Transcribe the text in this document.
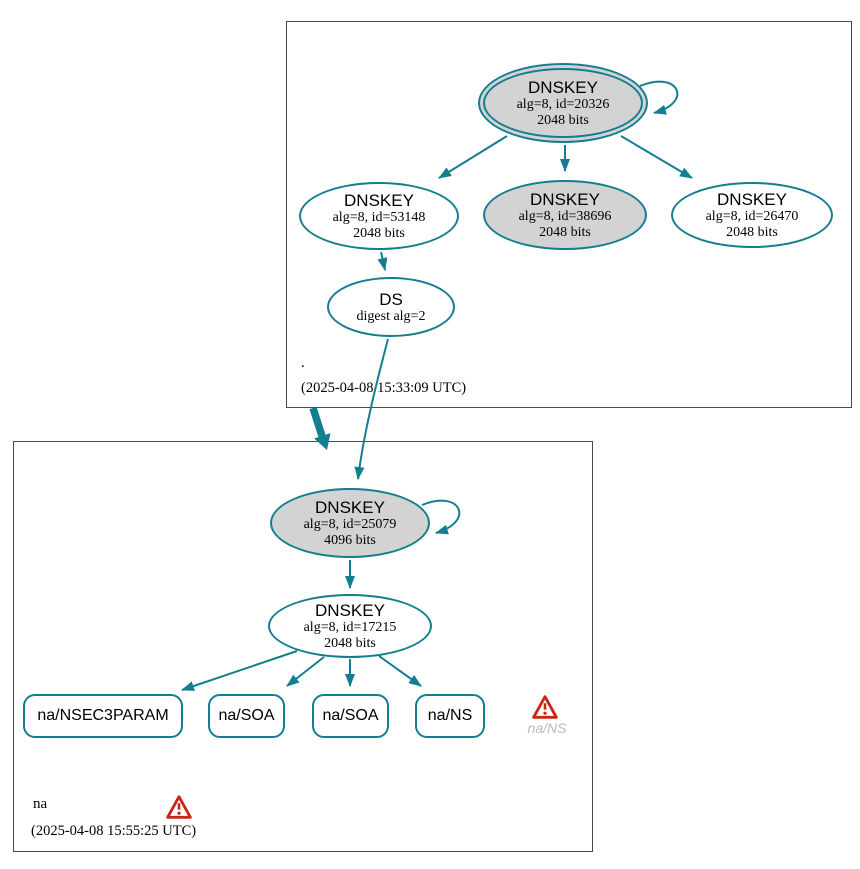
DNSKEY
alg=8, id=20326
2048 bits
DNSKEY
alg=8, id=53148
2048 bits
DNSKEY
alg=8, id=38696
2048 bits
DNSKEY
alg=8, id=26470
2048 bits
DS
digest alg=2
.
(2025-04-08 15:33:09 UTC)
DNSKEY
alg=8, id=25079
4096 bits
DNSKEY
alg=8, id=17215
2048 bits
na/NSEC3PARAM	na/SOA	na/SOA	na/NS
na/NS
na
(2025-04-08 15:55:25 UTC)
